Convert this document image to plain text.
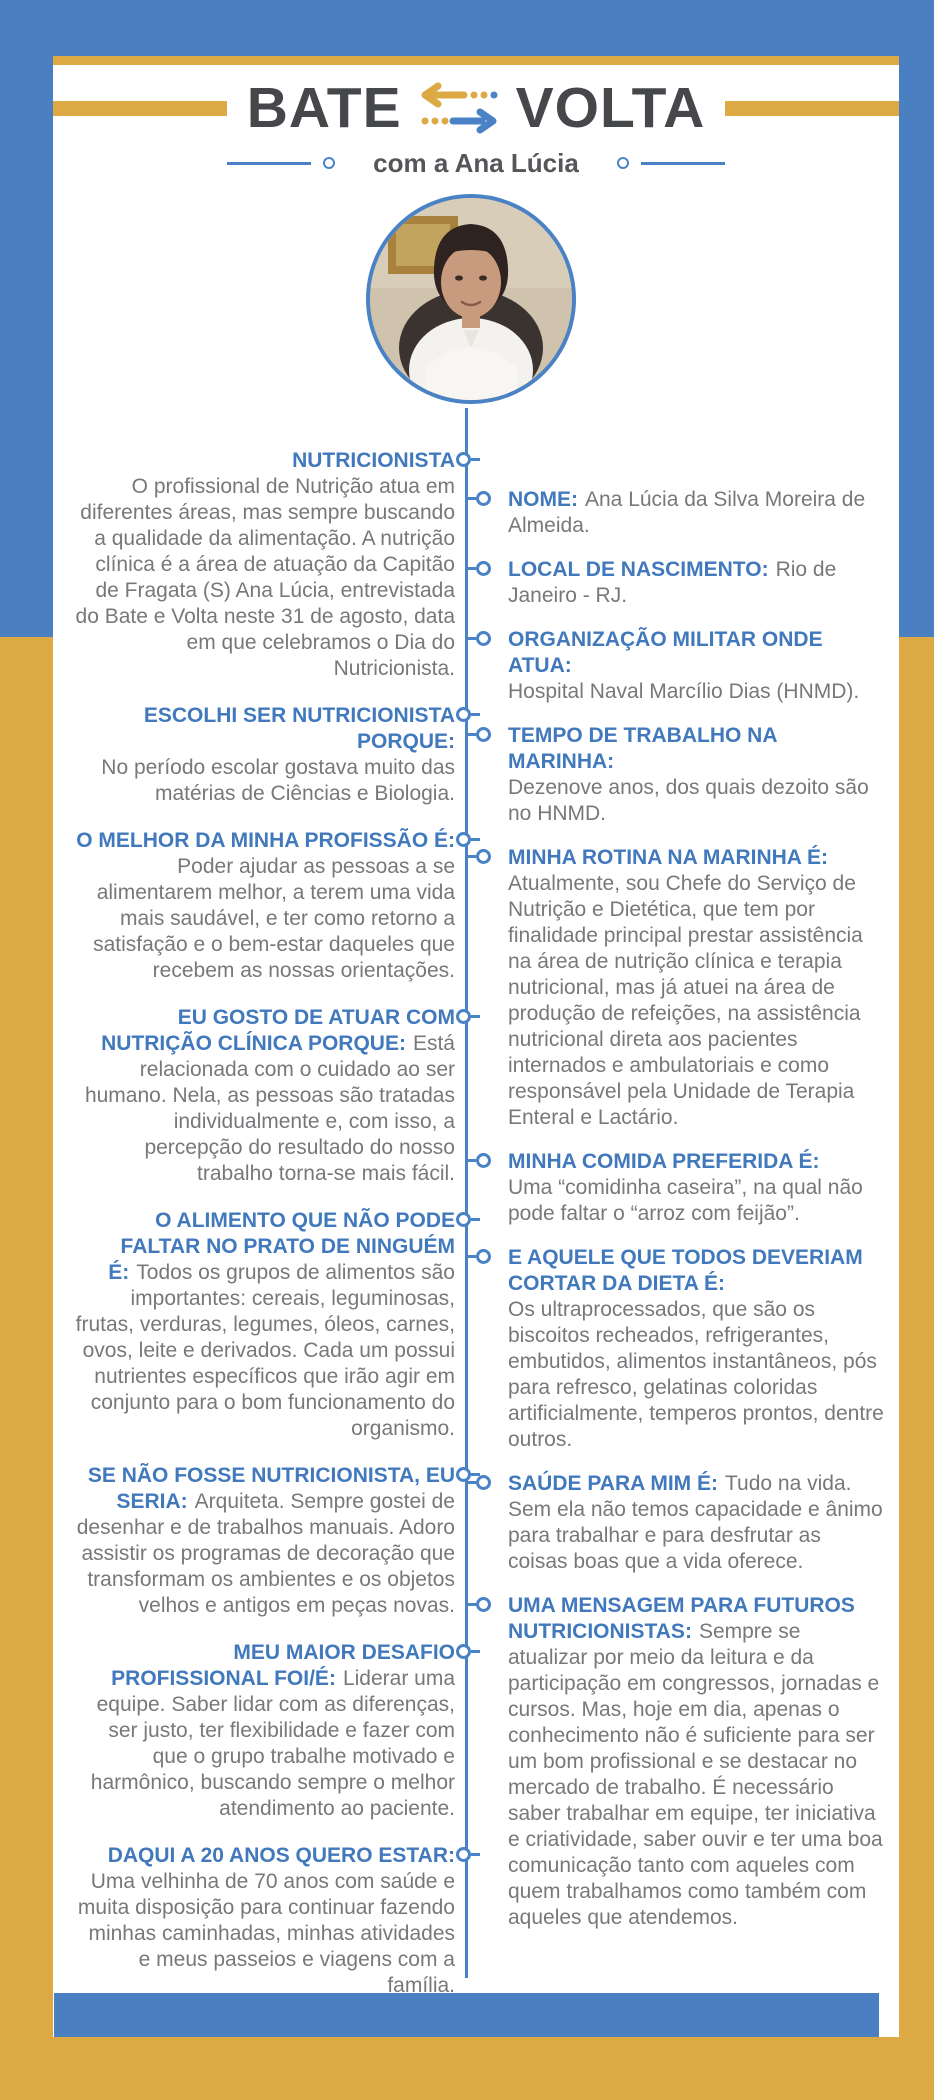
BATE VOLTA
com a Ana Lúcia

NUTRICIONISTA
O profissional de Nutrição atua em diferentes áreas, mas sempre buscando a qualidade da alimentação. A nutrição clínica é a área de atuação da Capitão de Fragata (S) Ana Lúcia, entrevistada do Bate e Volta neste 31 de agosto, data em que celebramos o Dia do Nutricionista.

ESCOLHI SER NUTRICIONISTA PORQUE:
No período escolar gostava muito das matérias de Ciências e Biologia.

O MELHOR DA MINHA PROFISSÃO É:
Poder ajudar as pessoas a se alimentarem melhor, a terem uma vida mais saudável, e ter como retorno a satisfação e o bem-estar daqueles que recebem as nossas orientações.

EU GOSTO DE ATUAR COM NUTRIÇÃO CLÍNICA PORQUE: Está relacionada com o cuidado ao ser humano. Nela, as pessoas são tratadas individualmente e, com isso, a percepção do resultado do nosso trabalho torna-se mais fácil.

O ALIMENTO QUE NÃO PODE FALTAR NO PRATO DE NINGUÉM É: Todos os grupos de alimentos são importantes: cereais, leguminosas, frutas, verduras, legumes, óleos, carnes, ovos, leite e derivados. Cada um possui nutrientes específicos que irão agir em conjunto para o bom funcionamento do organismo.

SE NÃO FOSSE NUTRICIONISTA, EU SERIA: Arquiteta. Sempre gostei de desenhar e de trabalhos manuais. Adoro assistir os programas de decoração que transformam os ambientes e os objetos velhos e antigos em peças novas.

MEU MAIOR DESAFIO PROFISSIONAL FOI/É: Liderar uma equipe. Saber lidar com as diferenças, ser justo, ter flexibilidade e fazer com que o grupo trabalhe motivado e harmônico, buscando sempre o melhor atendimento ao paciente.

DAQUI A 20 ANOS QUERO ESTAR:
Uma velhinha de 70 anos com saúde e muita disposição para continuar fazendo minhas caminhadas, minhas atividades e meus passeios e viagens com a família.

NOME: Ana Lúcia da Silva Moreira de Almeida.

LOCAL DE NASCIMENTO: Rio de Janeiro - RJ.

ORGANIZAÇÃO MILITAR ONDE ATUA:
Hospital Naval Marcílio Dias (HNMD).

TEMPO DE TRABALHO NA MARINHA:
Dezenove anos, dos quais dezoito são no HNMD.

MINHA ROTINA NA MARINHA É:
Atualmente, sou Chefe do Serviço de Nutrição e Dietética, que tem por finalidade principal prestar assistência na área de nutrição clínica e terapia nutricional, mas já atuei na área de produção de refeições, na assistência nutricional direta aos pacientes internados e ambulatoriais e como responsável pela Unidade de Terapia Enteral e Lactário.

MINHA COMIDA PREFERIDA É:
Uma “comidinha caseira”, na qual não pode faltar o “arroz com feijão”.

E AQUELE QUE TODOS DEVERIAM CORTAR DA DIETA É:
Os ultraprocessados, que são os biscoitos recheados, refrigerantes, embutidos, alimentos instantâneos, pós para refresco, gelatinas coloridas artificialmente, temperos prontos, dentre outros.

SAÚDE PARA MIM É: Tudo na vida. Sem ela não temos capacidade e ânimo para trabalhar e para desfrutar as coisas boas que a vida oferece.

UMA MENSAGEM PARA FUTUROS NUTRICIONISTAS: Sempre se atualizar por meio da leitura e da participação em congressos, jornadas e cursos. Mas, hoje em dia, apenas o conhecimento não é suficiente para ser um bom profissional e se destacar no mercado de trabalho. É necessário saber trabalhar em equipe, ter iniciativa e criatividade, saber ouvir e ter uma boa comunicação tanto com aqueles com quem trabalhamos como também com aqueles que atendemos.
